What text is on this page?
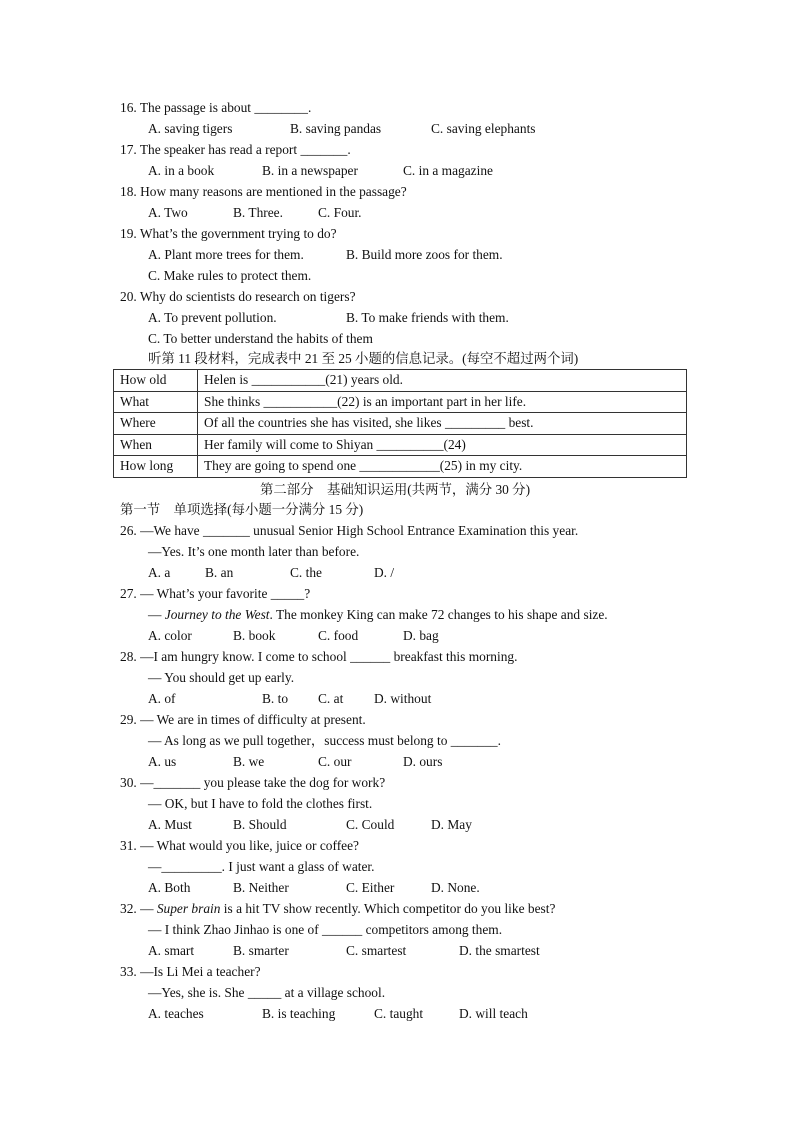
16. The passage is about ________.
A. saving tigers	B. saving pandas	C. saving elephants
17. The speaker has read a report _______.
A. in a book	B. in a newspaper	C. in a magazine
18. How many reasons are mentioned in the passage?
A. Two	B. Three.	C. Four.
19. What’s the government trying to do?
A. Plant more trees for them.	B. Build more zoos for them.
C. Make rules to protect them.
20. Why do scientists do research on tigers?
A. To prevent pollution.	B. To make friends with them.
C. To better understand the habits of them
听第 11 段材料，完成表中 21 至 25 小题的信息记录。(每空不超过两个词)
How old	Helen is ___________(21) years old.
What	She thinks ___________(22) is an important part in her life.
Where	Of all the countries she has visited, she likes _________ best.
When	Her family will come to Shiyan __________(24)
How long	They are going to spend one ____________(25) in my city.
第二部分    基础知识运用(共两节，满分 30 分)
第一节    单项选择(每小题一分满分 15 分)
26. —We have _______ unusual Senior High School Entrance Examination this year.
—Yes. It’s one month later than before.
A. a	B. an	C. the	D. /
27. — What’s your favorite _____?
— Journey to the West. The monkey King can make 72 changes to his shape and size.
A. color	B. book	C. food	D. bag
28. —I am hungry know. I come to school ______ breakfast this morning.
— You should get up early.
A. of	B. to C. at D. without
29. — We are in times of difficulty at present.
— As long as we pull together，success must belong to _______.
A. us	B. we	C. our	D. ours
30. —_______ you please take the dog for work?
— OK, but I have to fold the clothes first.
A. Must	B. Should	C. Could	D. May
31. — What would you like, juice or coffee?
—_________. I just want a glass of water.
A. Both	B. Neither	C. Either	D. None.
32. — Super brain is a hit TV show recently. Which competitor do you like best?
— I think Zhao Jinhao is one of ______ competitors among them.
A. smart	B. smarter	C. smartest	D. the smartest
33. —Is Li Mei a teacher?
—Yes, she is. She _____ at a village school.
A. teaches	B. is teaching	C. taught	D. will teach
